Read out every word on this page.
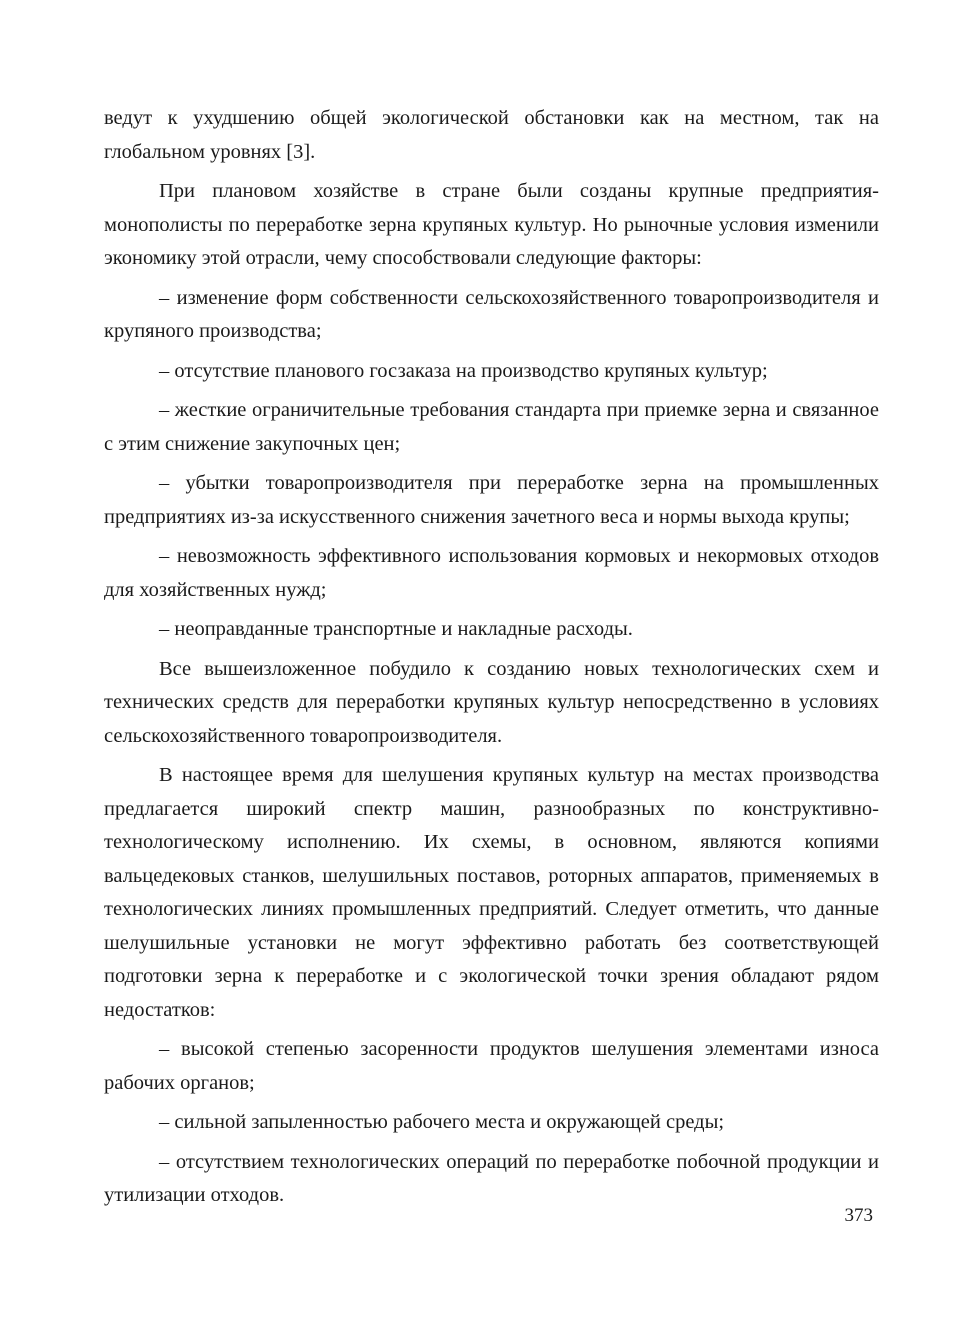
ведут к ухудшению общей экологической обстановки как на местном, так на глобальном уровнях [3].

При плановом хозяйстве в стране были созданы крупные предприятия-монополисты по переработке зерна крупяных культур. Но рыночные условия изменили экономику этой отрасли, чему способствовали следующие факторы:

– изменение форм собственности сельскохозяйственного товаропроизводителя и крупяного производства;

– отсутствие планового госзаказа на производство крупяных культур;

– жесткие ограничительные требования стандарта при приемке зерна и связанное с этим снижение закупочных цен;

– убытки товаропроизводителя при переработке зерна на промышленных предприятиях из-за искусственного снижения зачетного веса и нормы выхода крупы;

– невозможность эффективного использования кормовых и некормовых отходов для хозяйственных нужд;

– неоправданные транспортные и накладные расходы.

Все вышеизложенное побудило к созданию новых технологических схем и технических средств для переработки крупяных культур непосредственно в условиях сельскохозяйственного товаропроизводителя.

В настоящее время для шелушения крупяных культур на местах производства предлагается широкий спектр машин, разнообразных по конструктивно-технологическому исполнению. Их схемы, в основном, являются копиями вальцедековых станков, шелушильных поставов, роторных аппаратов, применяемых в технологических линиях промышленных предприятий. Следует отметить, что данные шелушильные установки не могут эффективно работать без соответствующей подготовки зерна к переработке и с экологической точки зрения обладают рядом недостатков:

– высокой степенью засоренности продуктов шелушения элементами износа рабочих органов;

– сильной запыленностью рабочего места и окружающей среды;

– отсутствием технологических операций по переработке побочной продукции и утилизации отходов.

373
